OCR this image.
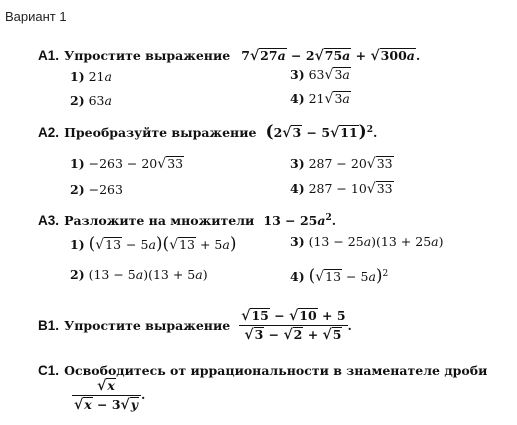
Вариант 1
A1. Упростите выражение 7√27a − 2√75a + √300a.
1) 21a
2) 63a
3) 63√3a
4) 21√3a
A2. Преобразуйте выражение $(2√3 - 5√11)^2$.
1) −263 − 20√33
2) −263
3) 287 − 20√33
4) 287 − 10√33
A3. Разложите на множители $13 - 25a^2$.
1) (√13 − 5a)(√13 + 5a)
2) (13 − 5a)(13 + 5a)
3) (13 − 25a)(13 + 25a)
4) $(√13 - 5a)^2$
B1. Упростите выражение $\frac{√15 - √10 + 5}{√3 - √2 + √5}$ .
C1. Освободитесь от иррациональности в знаменателе дроби
$\frac{√x}{√x - 3√y}$ .
